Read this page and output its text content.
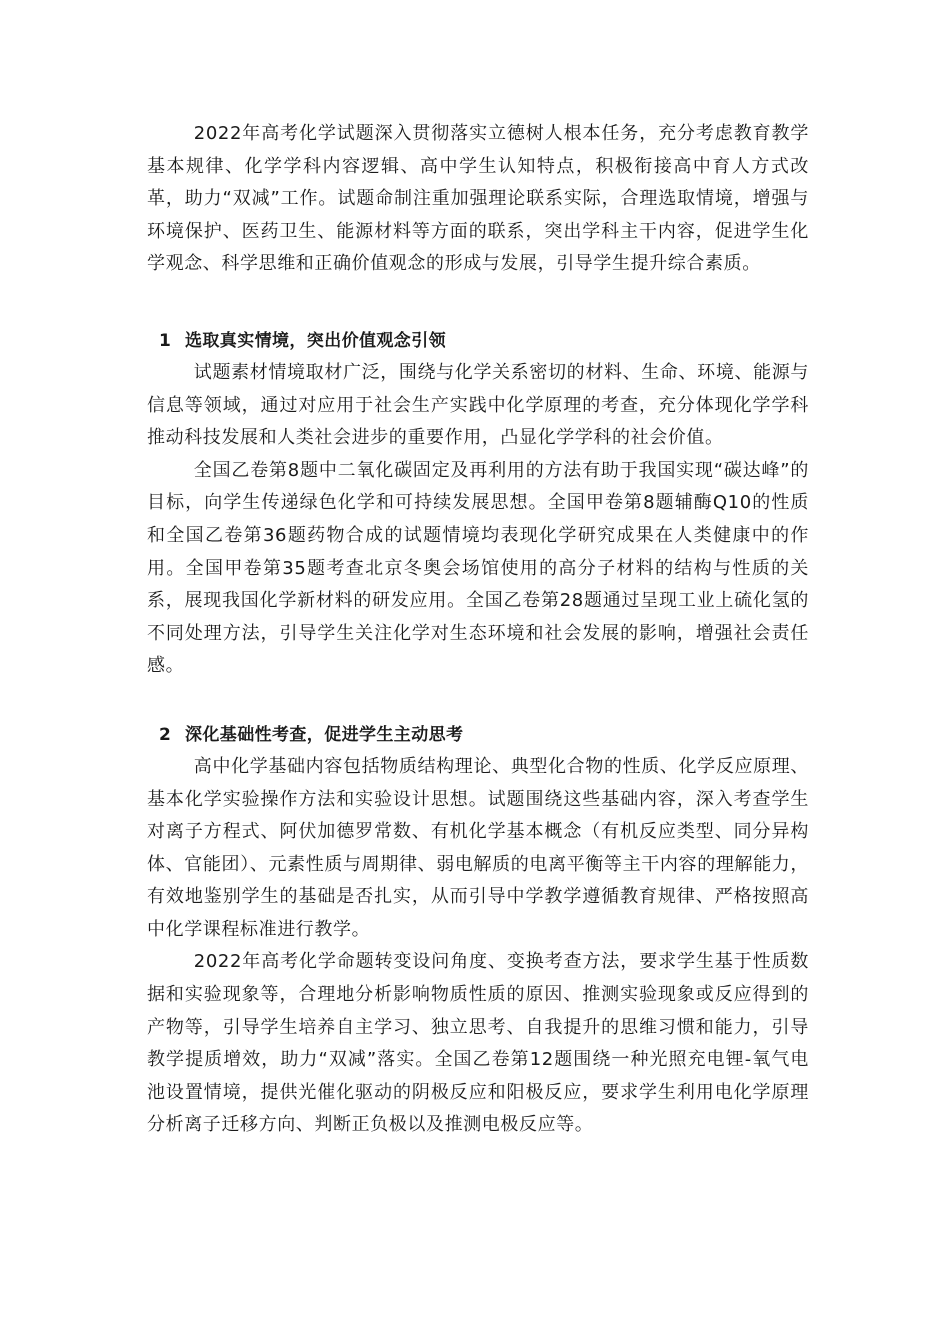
2022年高考化学试题深入贯彻落实立德树人根本任务，充分考虑教育教学基本规律、化学学科内容逻辑、高中学生认知特点，积极衔接高中育人方式改革，助力“双减”工作。试题命制注重加强理论联系实际，合理选取情境，增强与环境保护、医药卫生、能源材料等方面的联系，突出学科主干内容，促进学生化学观念、科学思维和正确价值观念的形成与发展，引导学生提升综合素质。

1 选取真实情境，突出价值观念引领

试题素材情境取材广泛，围绕与化学关系密切的材料、生命、环境、能源与信息等领域，通过对应用于社会生产实践中化学原理的考查，充分体现化学学科推动科技发展和人类社会进步的重要作用，凸显化学学科的社会价值。

全国乙卷第8题中二氧化碳固定及再利用的方法有助于我国实现“碳达峰”的目标，向学生传递绿色化学和可持续发展思想。全国甲卷第8题辅酶Q10的性质和全国乙卷第36题药物合成的试题情境均表现化学研究成果在人类健康中的作用。全国甲卷第35题考查北京冬奥会场馆使用的高分子材料的结构与性质的关系，展现我国化学新材料的研发应用。全国乙卷第28题通过呈现工业上硫化氢的不同处理方法，引导学生关注化学对生态环境和社会发展的影响，增强社会责任感。

2 深化基础性考查，促进学生主动思考

高中化学基础内容包括物质结构理论、典型化合物的性质、化学反应原理、基本化学实验操作方法和实验设计思想。试题围绕这些基础内容，深入考查学生对离子方程式、阿伏加德罗常数、有机化学基本概念（有机反应类型、同分异构体、官能团）、元素性质与周期律、弱电解质的电离平衡等主干内容的理解能力，有效地鉴别学生的基础是否扎实，从而引导中学教学遵循教育规律、严格按照高中化学课程标准进行教学。

2022年高考化学命题转变设问角度、变换考查方法，要求学生基于性质数据和实验现象等，合理地分析影响物质性质的原因、推测实验现象或反应得到的产物等，引导学生培养自主学习、独立思考、自我提升的思维习惯和能力，引导教学提质增效，助力“双减”落实。全国乙卷第12题围绕一种光照充电锂-氧气电池设置情境，提供光催化驱动的阴极反应和阳极反应，要求学生利用电化学原理分析离子迁移方向、判断正负极以及推测电极反应等。
